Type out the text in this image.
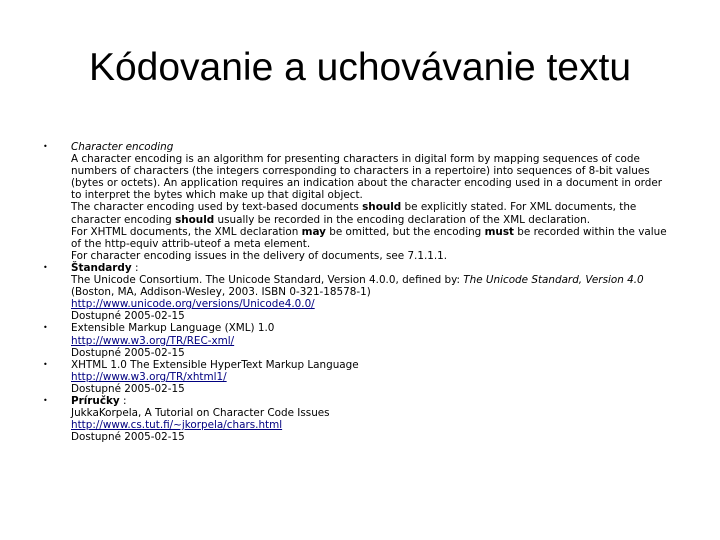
Kódovanie a uchovávanie textu
•	Character encoding
A character encoding is an algorithm for presenting characters in digital form by mapping sequences of code
numbers of characters (the integers corresponding to characters in a repertoire) into sequences of 8-bit values
(bytes or octets). An application requires an indication about the character encoding used in a document in order
to interpret the bytes which make up that digital object.
The character encoding used by text-based documents should be explicitly stated. For XML documents, the
character encoding should usually be recorded in the encoding declaration of the XML declaration.
For XHTML documents, the XML declaration may be omitted, but the encoding must be recorded within the value
of the http-equiv attrib-uteof a meta element.
For character encoding issues in the delivery of documents, see 7.1.1.1.
•	Štandardy :
The Unicode Consortium. The Unicode Standard, Version 4.0.0, defined by: The Unicode Standard, Version 4.0
(Boston, MA, Addison-Wesley, 2003. ISBN 0-321-18578-1)
http://www.unicode.org/versions/Unicode4.0.0/
Dostupné 2005-02-15
•	Extensible Markup Language (XML) 1.0
http://www.w3.org/TR/REC-xml/
Dostupné 2005-02-15
•	XHTML 1.0 The Extensible HyperText Markup Language
http://www.w3.org/TR/xhtml1/
Dostupné 2005-02-15
•	Príručky :
JukkaKorpela, A Tutorial on Character Code Issues
http://www.cs.tut.fi/~jkorpela/chars.html
Dostupné 2005-02-15
